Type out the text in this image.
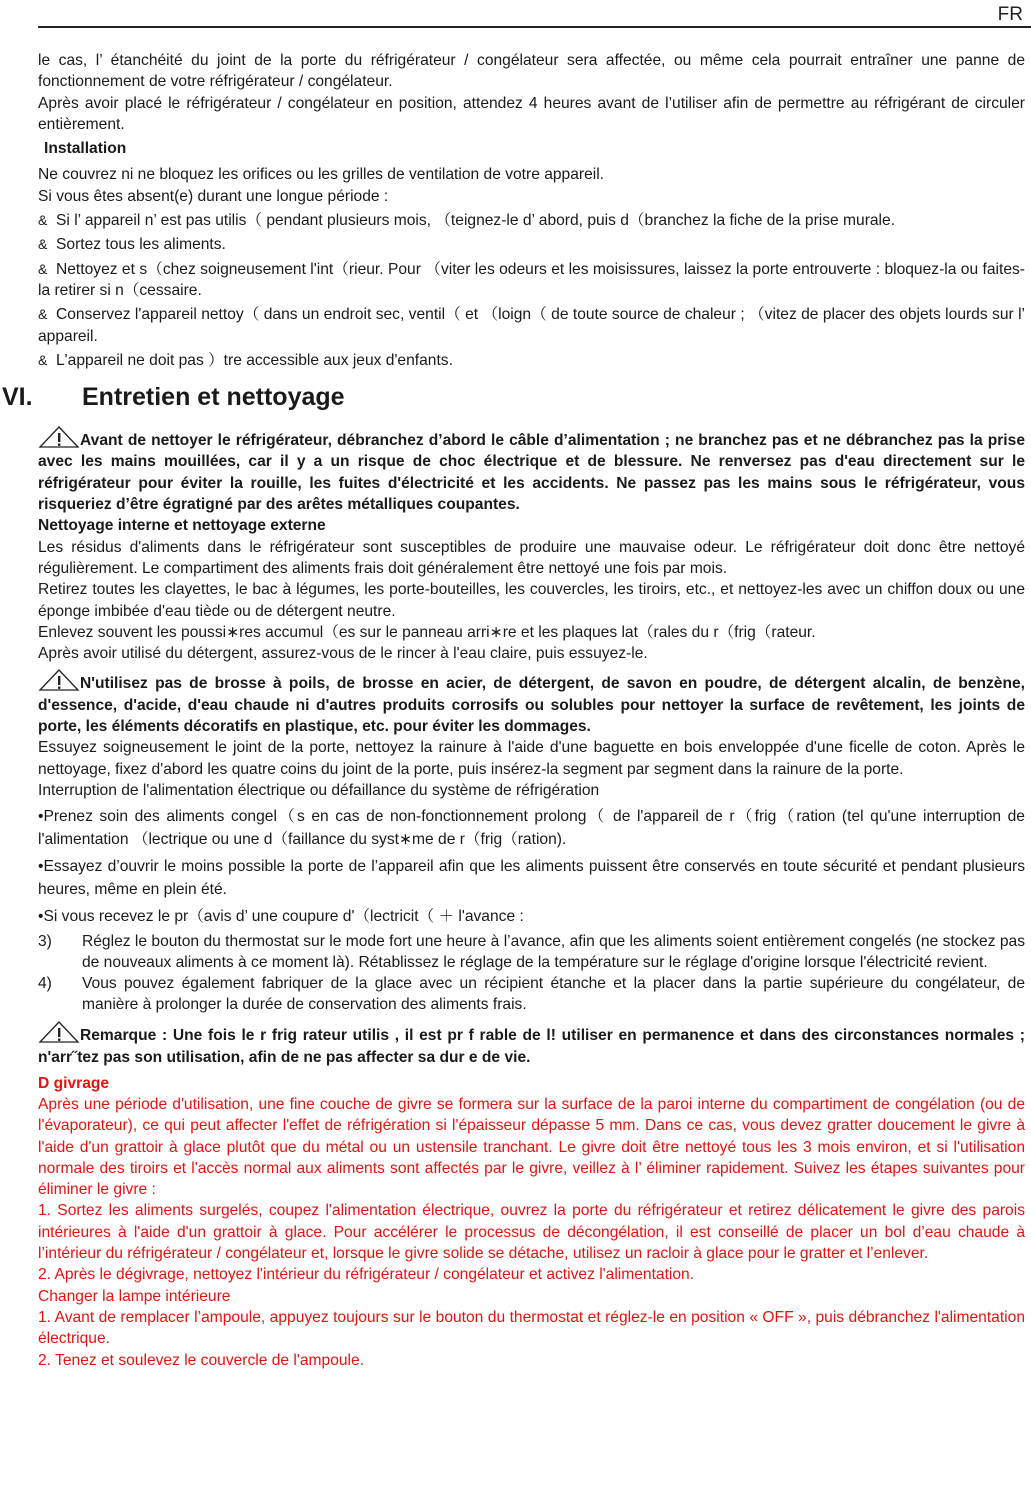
FR

le cas, l’ étanchéité du joint de la porte du réfrigérateur / congélateur sera affectée, ou même cela pourrait entraîner une panne de fonctionnement de votre réfrigérateur / congélateur.

Après avoir placé le réfrigérateur / congélateur en position, attendez 4 heures avant de l’utiliser afin de permettre au réfrigérant de circuler entièrement.

Installation

Ne couvrez ni ne bloquez les orifices ou les grilles de ventilation de votre appareil.

Si vous êtes absent(e) durant une longue période :

& Si l’ appareil n’ est pas utilis（ pendant plusieurs mois, （teignez-le d’ abord, puis d（branchez la fiche de la prise murale.

& Sortez tous les aliments.

& Nettoyez et s（chez soigneusement l'int（rieur. Pour （viter les odeurs et les moisissures, laissez la porte entrouverte : bloquez-la ou faites-la retirer si n（cessaire.

& Conservez l'appareil nettoy（ dans un endroit sec, ventil（ et （loign（ de toute source de chaleur ; （vitez de placer des objets lourds sur l’ appareil.

& L'appareil ne doit pas ）tre accessible aux jeux d'enfants.

VI.	Entretien et nettoyage

Avant de nettoyer le réfrigérateur, débranchez d’abord le câble d’alimentation ; ne branchez pas et ne débranchez pas la prise avec les mains mouillées, car il y a un risque de choc électrique et de blessure. Ne renversez pas d'eau directement sur le réfrigérateur pour éviter la rouille, les fuites d'électricité et les accidents. Ne passez pas les mains sous le réfrigérateur, vous risqueriez d’être égratigné par des arêtes métalliques coupantes.

Nettoyage interne et nettoyage externe

Les résidus d'aliments dans le réfrigérateur sont susceptibles de produire une mauvaise odeur. Le réfrigérateur doit donc être nettoyé régulièrement. Le compartiment des aliments frais doit généralement être nettoyé une fois par mois.

Retirez toutes les clayettes, le bac à légumes, les porte-bouteilles, les couvercles, les tiroirs, etc., et nettoyez-les avec un chiffon doux ou une éponge imbibée d'eau tiède ou de détergent neutre.

Enlevez souvent les poussi∗res accumul（es sur le panneau arri∗re et les plaques lat（rales du r（frig（rateur.

Après avoir utilisé du détergent, assurez-vous de le rincer à l'eau claire, puis essuyez-le.

N'utilisez pas de brosse à poils, de brosse en acier, de détergent, de savon en poudre, de détergent alcalin, de benzène, d'essence, d'acide, d'eau chaude ni d'autres produits corrosifs ou solubles pour nettoyer la surface de revêtement, les joints de porte, les éléments décoratifs en plastique, etc. pour éviter les dommages.

Essuyez soigneusement le joint de la porte, nettoyez la rainure à l'aide d'une baguette en bois enveloppée d'une ficelle de coton. Après le nettoyage, fixez d'abord les quatre coins du joint de la porte, puis insérez-la segment par segment dans la rainure de la porte.

Interruption de l'alimentation électrique ou défaillance du système de réfrigération

•Prenez soin des aliments congel（s en cas de non-fonctionnement prolong（ de l'appareil de r（frig（ration (tel qu'une interruption de l'alimentation （lectrique ou une d（faillance du syst∗me de r（frig（ration).

•Essayez d’ouvrir le moins possible la porte de l’appareil afin que les aliments puissent être conservés en toute sécurité et pendant plusieurs heures, même en plein été.

•Si vous recevez le pr（avis d’ une coupure d'（lectricit（ ＋ l'avance :

3)	Réglez le bouton du thermostat sur le mode fort une heure à l’avance, afin que les aliments soient entièrement congelés (ne stockez pas de nouveaux aliments à ce moment là). Rétablissez le réglage de la température sur le réglage d'origine lorsque l'électricité revient.

4)	Vous pouvez également fabriquer de la glace avec un récipient étanche et la placer dans la partie supérieure du congélateur, de manière à prolonger la durée de conservation des aliments frais.

Remarque : Une fois le r frig rateur utilis , il est pr f rable de l! utiliser en permanence et dans des circonstances normales ; n'arr˝tez pas son utilisation, afin de ne pas affecter sa dur e de vie.

D givrage

Après une période d'utilisation, une fine couche de givre se formera sur la surface de la paroi interne du compartiment de congélation (ou de l'évaporateur), ce qui peut affecter l'effet de réfrigération si l'épaisseur dépasse 5 mm. Dans ce cas, vous devez gratter doucement le givre à l'aide d'un grattoir à glace plutôt que du métal ou un ustensile tranchant. Le givre doit être nettoyé tous les 3 mois environ, et si l'utilisation normale des tiroirs et l'accès normal aux aliments sont affectés par le givre, veillez à l’ éliminer rapidement. Suivez les étapes suivantes pour éliminer le givre :

1. Sortez les aliments surgelés, coupez l'alimentation électrique, ouvrez la porte du réfrigérateur et retirez délicatement le givre des parois intérieures à l'aide d'un grattoir à glace. Pour accélérer le processus de décongélation, il est conseillé de placer un bol d’eau chaude à l’intérieur du réfrigérateur / congélateur et, lorsque le givre solide se détache, utilisez un racloir à glace pour le gratter et l’enlever.

2. Après le dégivrage, nettoyez l'intérieur du réfrigérateur / congélateur et activez l'alimentation.

Changer la lampe intérieure

1. Avant de remplacer l’ampoule, appuyez toujours sur le bouton du thermostat et réglez-le en position « OFF », puis débranchez l'alimentation électrique.

2. Tenez et soulevez le couvercle de l'ampoule.
